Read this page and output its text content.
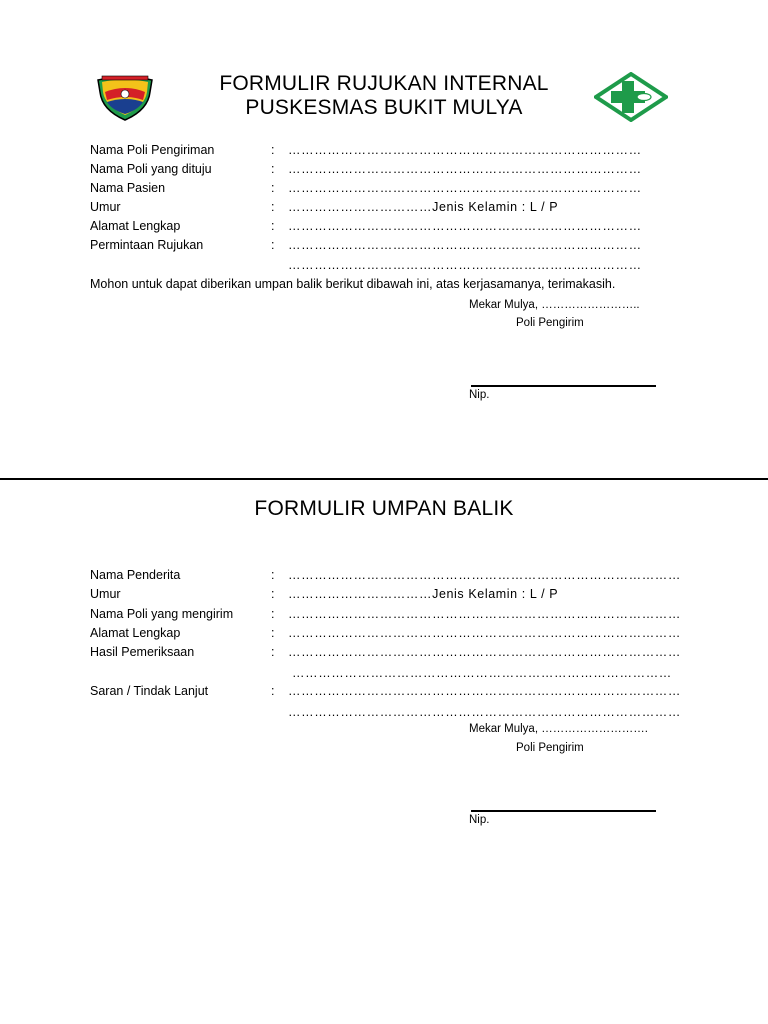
FORMULIR RUJUKAN INTERNAL
PUSKESMAS BUKIT MULYA
Nama Poli Pengiriman	: ………………………………………………………………………
Nama Poli yang dituju	: ………………………………………………………………………
Nama Pasien	: ………………………………………………………………………
Umur	: ……………………………Jenis Kelamin : L / P
Alamat Lengkap	: ………………………………………………………………………
Permintaan Rujukan	: ………………………………………………………………………
………………………………………………………………………
Mohon untuk dapat diberikan umpan balik berikut dibawah ini, atas kerjasamanya, terimakasih.
Mekar Mulya, ……………………..
Poli Pengirim
Nip.
FORMULIR UMPAN BALIK
Nama Penderita	: ………………………………………………………………………………
Umur	: ……………………………Jenis Kelamin : L / P
Nama Poli yang mengirim	: ………………………………………………………………………………
Alamat Lengkap	: ………………………………………………………………………………
Hasil Pemeriksaan	: ………………………………………………………………………………
……………………………………………………………………………
Saran / Tindak Lanjut	: ………………………………………………………………………………
………………………………………………………………………………
Mekar Mulya, ……………………….
Poli Pengirim
Nip.
